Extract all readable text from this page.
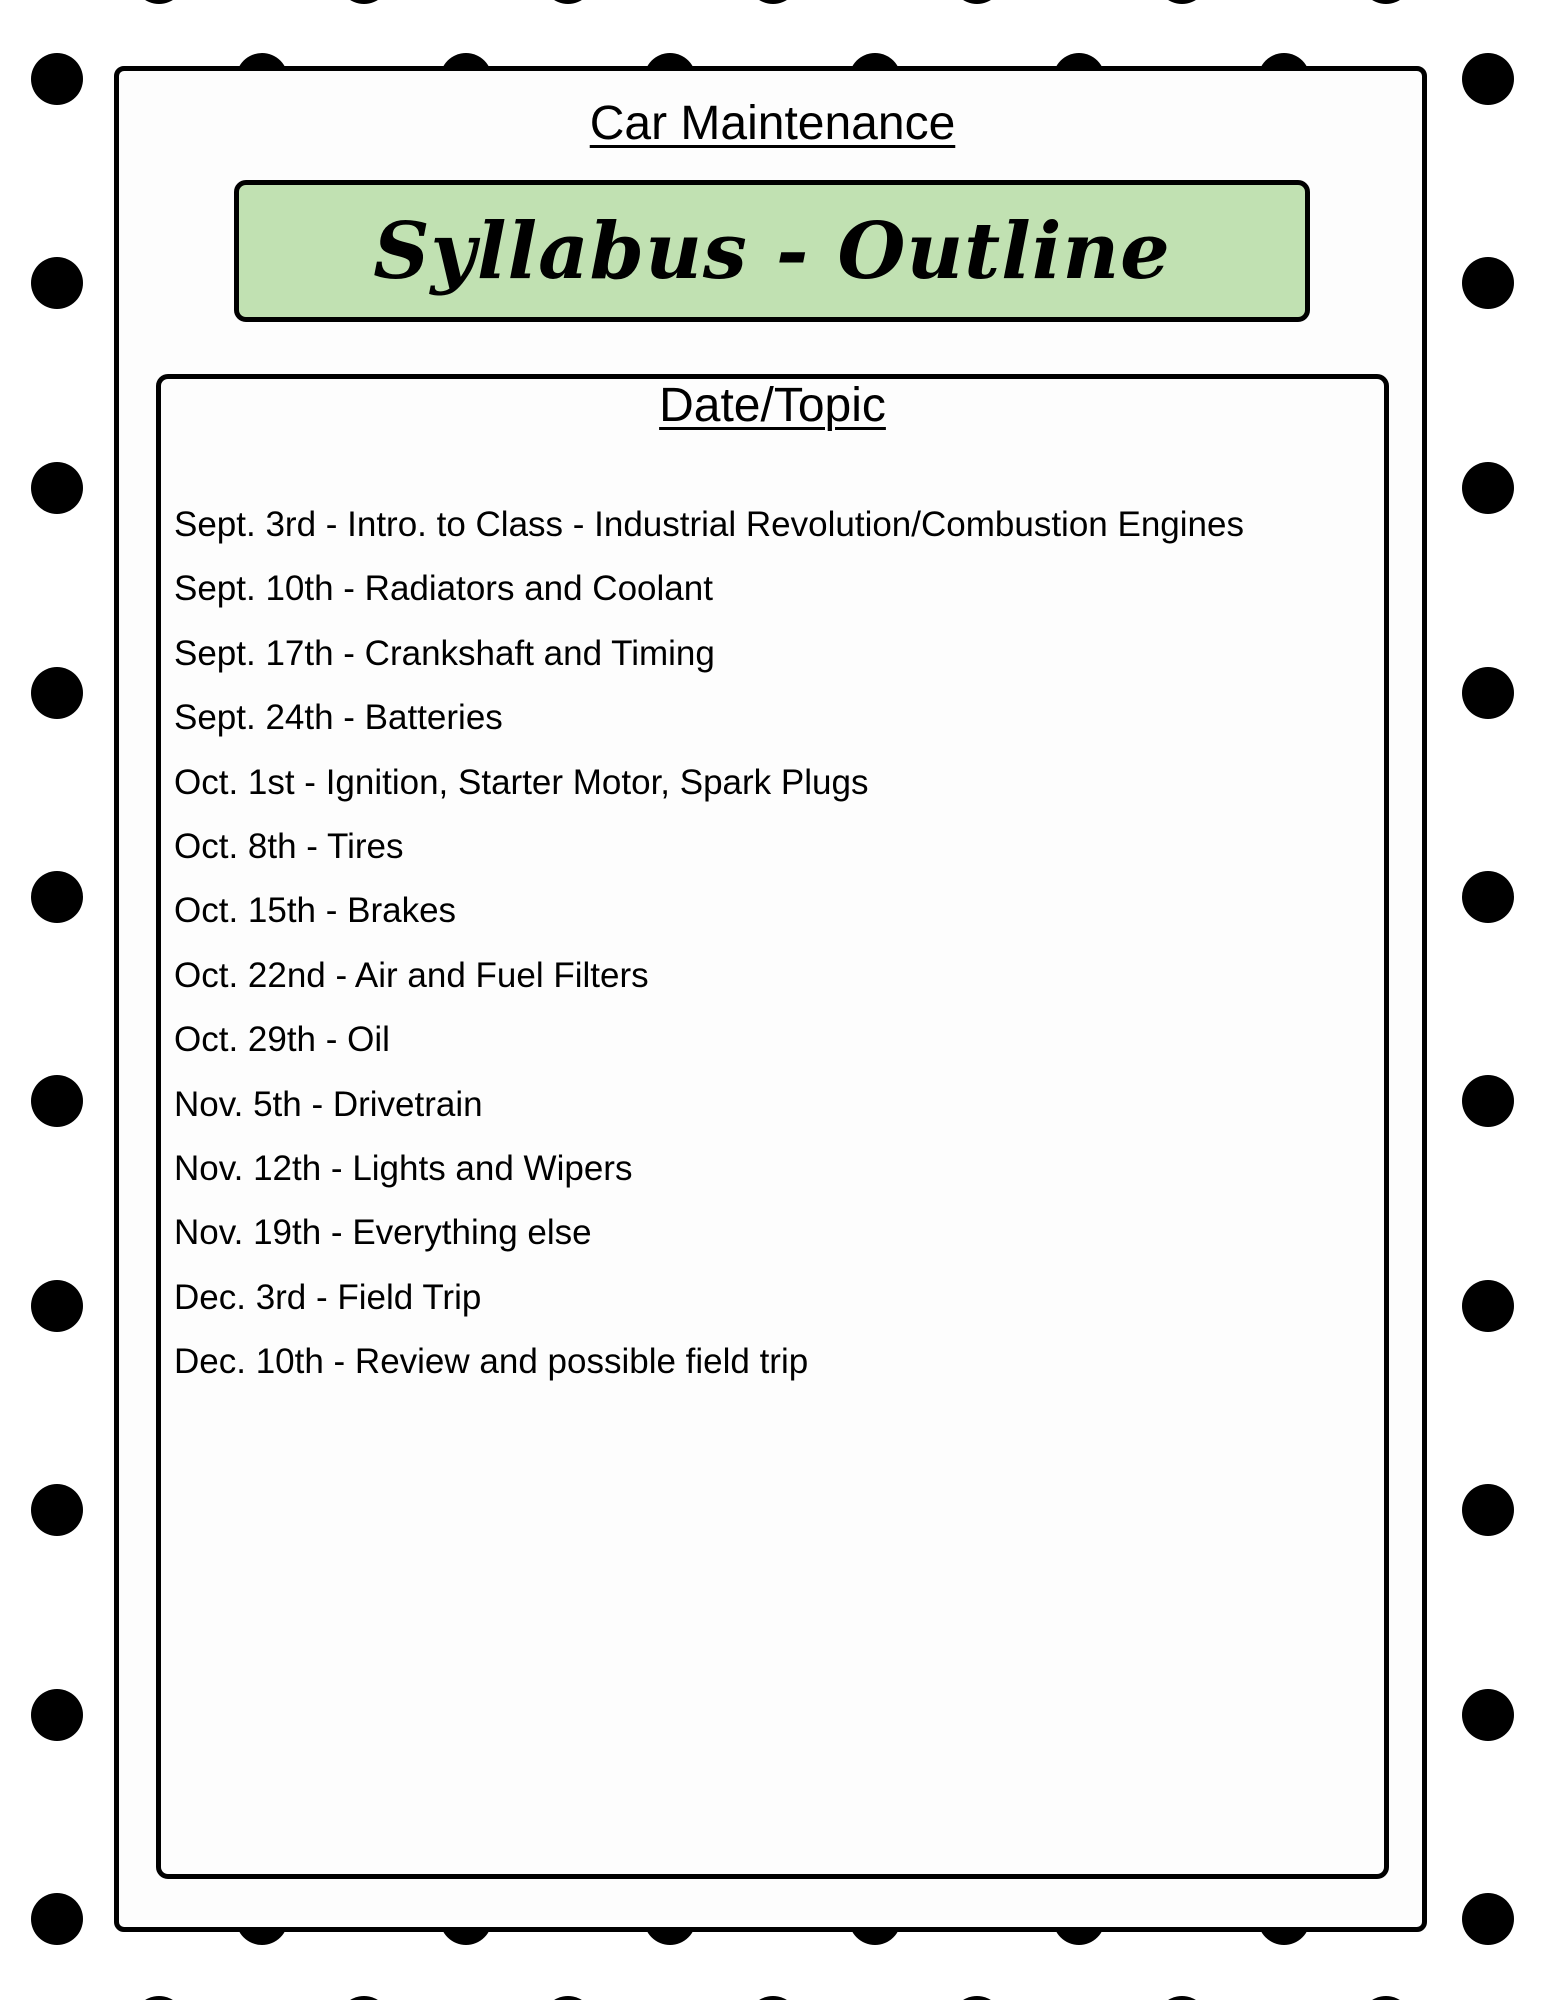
Car Maintenance
Syllabus - Outline
Date/Topic
Sept. 3rd - Intro. to Class - Industrial Revolution/Combustion Engines
Sept. 10th - Radiators and Coolant
Sept. 17th - Crankshaft and Timing
Sept. 24th - Batteries
Oct. 1st - Ignition, Starter Motor, Spark Plugs
Oct. 8th - Tires
Oct. 15th - Brakes
Oct. 22nd - Air and Fuel Filters
Oct. 29th - Oil
Nov. 5th - Drivetrain
Nov. 12th - Lights and Wipers
Nov. 19th - Everything else
Dec. 3rd - Field Trip
Dec. 10th - Review and possible field trip
